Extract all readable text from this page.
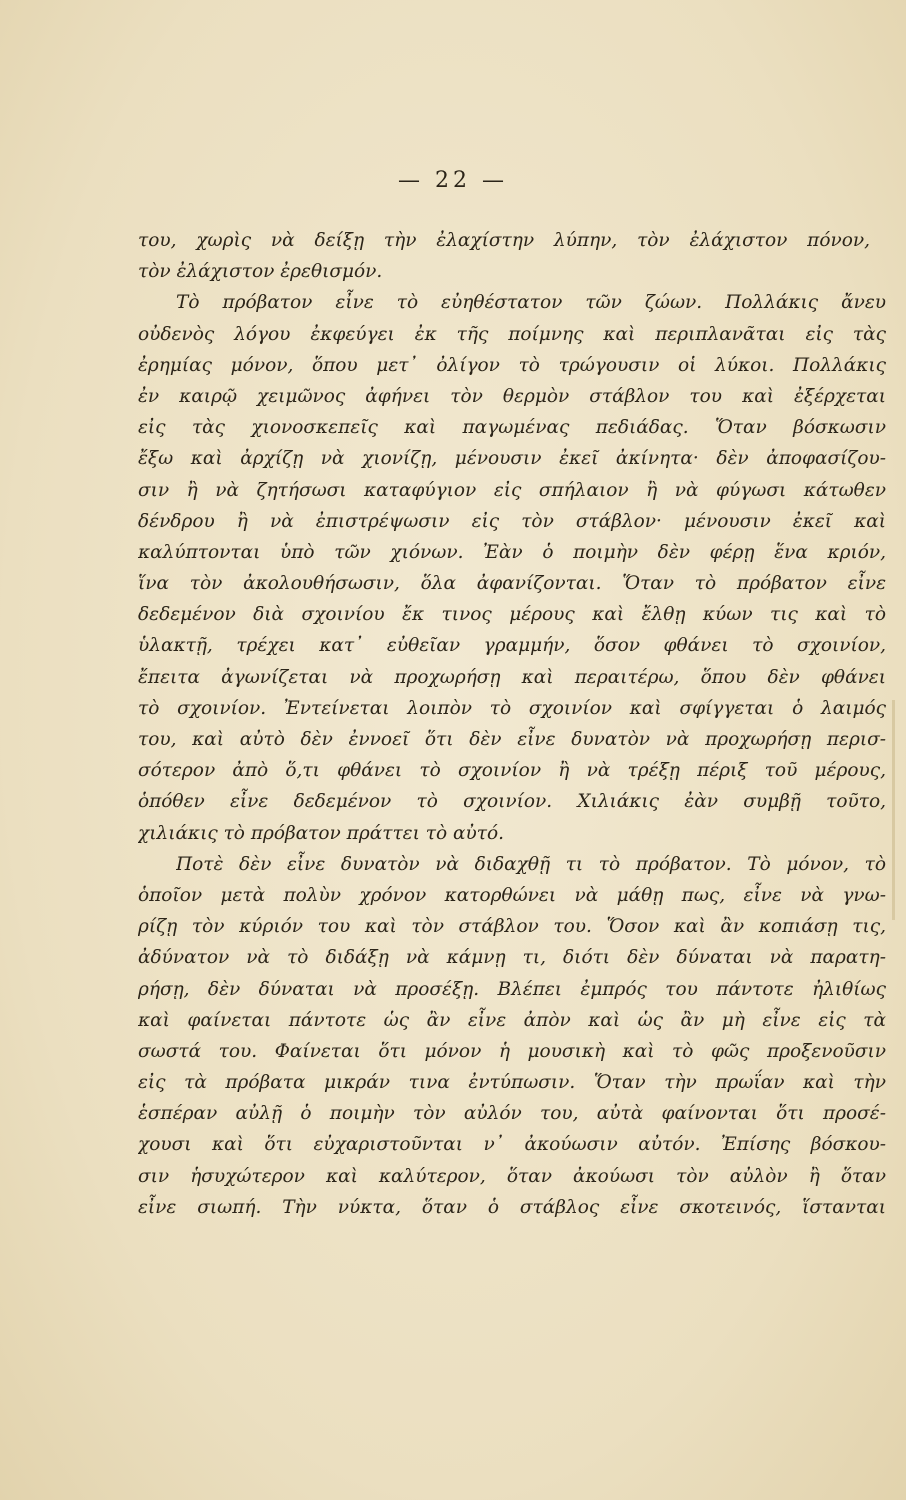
— 22 —
του, χωρὶς νὰ δείξῃ τὴν ἐλαχίστην λύπην, τὸν ἐλάχιστον πόνον,
τὸν ἐλάχιστον ἐρεθισμόν.
Τὸ πρόβατον εἶνε τὸ εὐηθέστατον τῶν ζώων. Πολλάκις ἄνευ
οὐδενὸς λόγου ἐκφεύγει ἐκ τῆς ποίμνης καὶ περιπλανᾶται εἰς τὰς
ἐρημίας μόνον, ὅπου μετ᾽ ὀλίγον τὸ τρώγουσιν οἱ λύκοι. Πολλάκις
ἐν καιρῷ χειμῶνος ἀφήνει τὸν θερμὸν στάβλον του καὶ ἐξέρχεται
εἰς τὰς χιονοσκεπεῖς καὶ παγωμένας πεδιάδας. Ὅταν βόσκωσιν
ἔξω καὶ ἀρχίζῃ νὰ χιονίζῃ, μένουσιν ἐκεῖ ἀκίνητα· δὲν ἀποφασίζου-
σιν ἢ νὰ ζητήσωσι καταφύγιον εἰς σπήλαιον ἢ νὰ φύγωσι κάτωθεν
δένδρου ἢ νὰ ἐπιστρέψωσιν εἰς τὸν στάβλον· μένουσιν ἐκεῖ καὶ
καλύπτονται ὑπὸ τῶν χιόνων. Ἐὰν ὁ ποιμὴν δὲν φέρῃ ἕνα κριόν,
ἵνα τὸν ἀκολουθήσωσιν, ὅλα ἀφανίζονται. Ὅταν τὸ πρόβατον εἶνε
δεδεμένον διὰ σχοινίου ἔκ τινος μέρους καὶ ἔλθῃ κύων τις καὶ τὸ
ὑλακτῇ, τρέχει κατ᾽ εὐθεῖαν γραμμήν, ὅσον φθάνει τὸ σχοινίον,
ἔπειτα ἀγωνίζεται νὰ προχωρήσῃ καὶ περαιτέρω, ὅπου δὲν φθάνει
τὸ σχοινίον. Ἐντείνεται λοιπὸν τὸ σχοινίον καὶ σφίγγεται ὁ λαιμός
του, καὶ αὐτὸ δὲν ἐννοεῖ ὅτι δὲν εἶνε δυνατὸν νὰ προχωρήσῃ περισ-
σότερον ἀπὸ ὅ,τι φθάνει τὸ σχοινίον ἢ νὰ τρέξῃ πέριξ τοῦ μέρους,
ὁπόθεν εἶνε δεδεμένον τὸ σχοινίον. Χιλιάκις ἐὰν συμβῇ τοῦτο,
χιλιάκις τὸ πρόβατον πράττει τὸ αὐτό.
Ποτὲ δὲν εἶνε δυνατὸν νὰ διδαχθῇ τι τὸ πρόβατον. Τὸ μόνον, τὸ
ὁποῖον μετὰ πολὺν χρόνον κατορθώνει νὰ μάθῃ πως, εἶνε νὰ γνω-
ρίζῃ τὸν κύριόν του καὶ τὸν στάβλον του. Ὅσον καὶ ἂν κοπιάσῃ τις,
ἀδύνατον νὰ τὸ διδάξῃ νὰ κάμνῃ τι, διότι δὲν δύναται νὰ παρατη-
ρήσῃ, δὲν δύναται νὰ προσέξῃ. Βλέπει ἐμπρός του πάντοτε ἠλιθίως
καὶ φαίνεται πάντοτε ὡς ἂν εἶνε ἀπὸν καὶ ὡς ἂν μὴ εἶνε εἰς τὰ
σωστά του. Φαίνεται ὅτι μόνον ἡ μουσικὴ καὶ τὸ φῶς προξενοῦσιν
εἰς τὰ πρόβατα μικράν τινα ἐντύπωσιν. Ὅταν τὴν πρωΐαν καὶ τὴν
ἑσπέραν αὐλῇ ὁ ποιμὴν τὸν αὐλόν του, αὐτὰ φαίνονται ὅτι προσέ-
χουσι καὶ ὅτι εὐχαριστοῦνται ν᾽ ἀκούωσιν αὐτόν. Ἐπίσης βόσκου-
σιν ἡσυχώτερον καὶ καλύτερον, ὅταν ἀκούωσι τὸν αὐλὸν ἢ ὅταν
εἶνε σιωπή. Τὴν νύκτα, ὅταν ὁ στάβλος εἶνε σκοτεινός, ἵστανται
